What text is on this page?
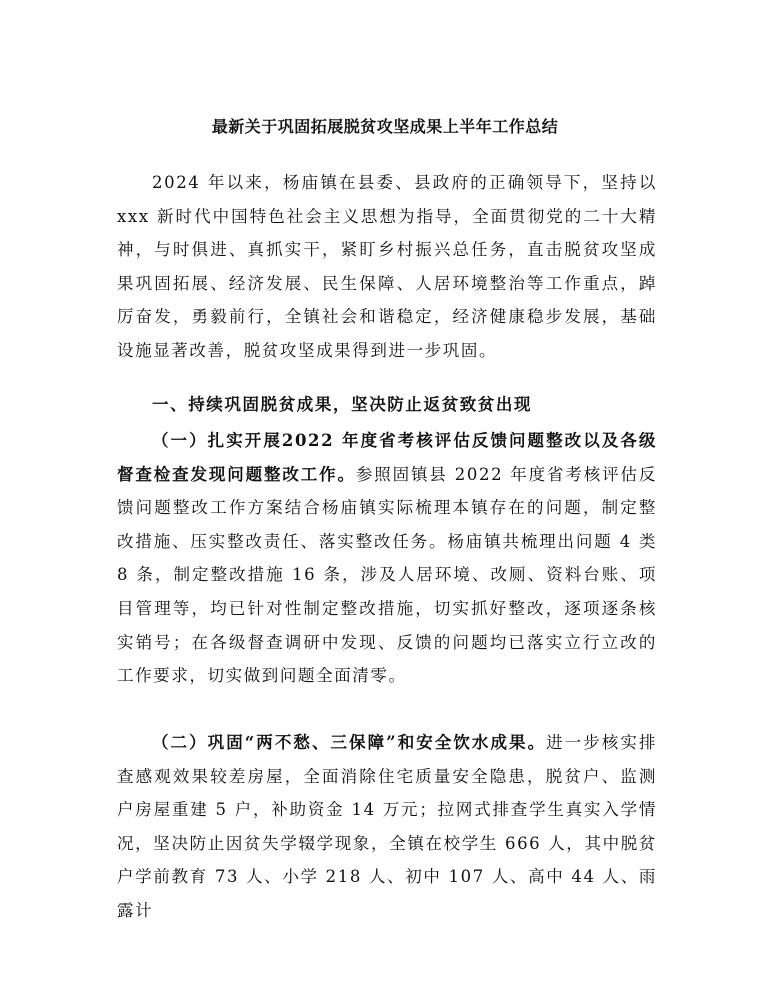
最新关于巩固拓展脱贫攻坚成果上半年工作总结

2024 年以来，杨庙镇在县委、县政府的正确领导下，坚持以xxx 新时代中国特色社会主义思想为指导，全面贯彻党的二十大精神，与时俱进、真抓实干，紧盯乡村振兴总任务，直击脱贫攻坚成果巩固拓展、经济发展、民生保障、人居环境整治等工作重点，踔厉奋发，勇毅前行，全镇社会和谐稳定，经济健康稳步发展，基础设施显著改善，脱贫攻坚成果得到进一步巩固。

一、持续巩固脱贫成果，坚决防止返贫致贫出现

（一）扎实开展2022 年度省考核评估反馈问题整改以及各级督查检查发现问题整改工作。参照固镇县 2022 年度省考核评估反馈问题整改工作方案结合杨庙镇实际梳理本镇存在的问题，制定整改措施、压实整改责任、落实整改任务。杨庙镇共梳理出问题 4 类 8 条，制定整改措施 16 条，涉及人居环境、改厕、资料台账、项目管理等，均已针对性制定整改措施，切实抓好整改，逐项逐条核实销号；在各级督查调研中发现、反馈的问题均已落实立行立改的工作要求，切实做到问题全面清零。

（二）巩固“两不愁、三保障”和安全饮水成果。进一步核实排查感观效果较差房屋，全面消除住宅质量安全隐患，脱贫户、监测户房屋重建 5 户，补助资金 14 万元；拉网式排查学生真实入学情况，坚决防止因贫失学辍学现象，全镇在校学生 666 人，其中脱贫户学前教育 73 人、小学 218 人、初中 107 人、高中 44 人、雨露计
